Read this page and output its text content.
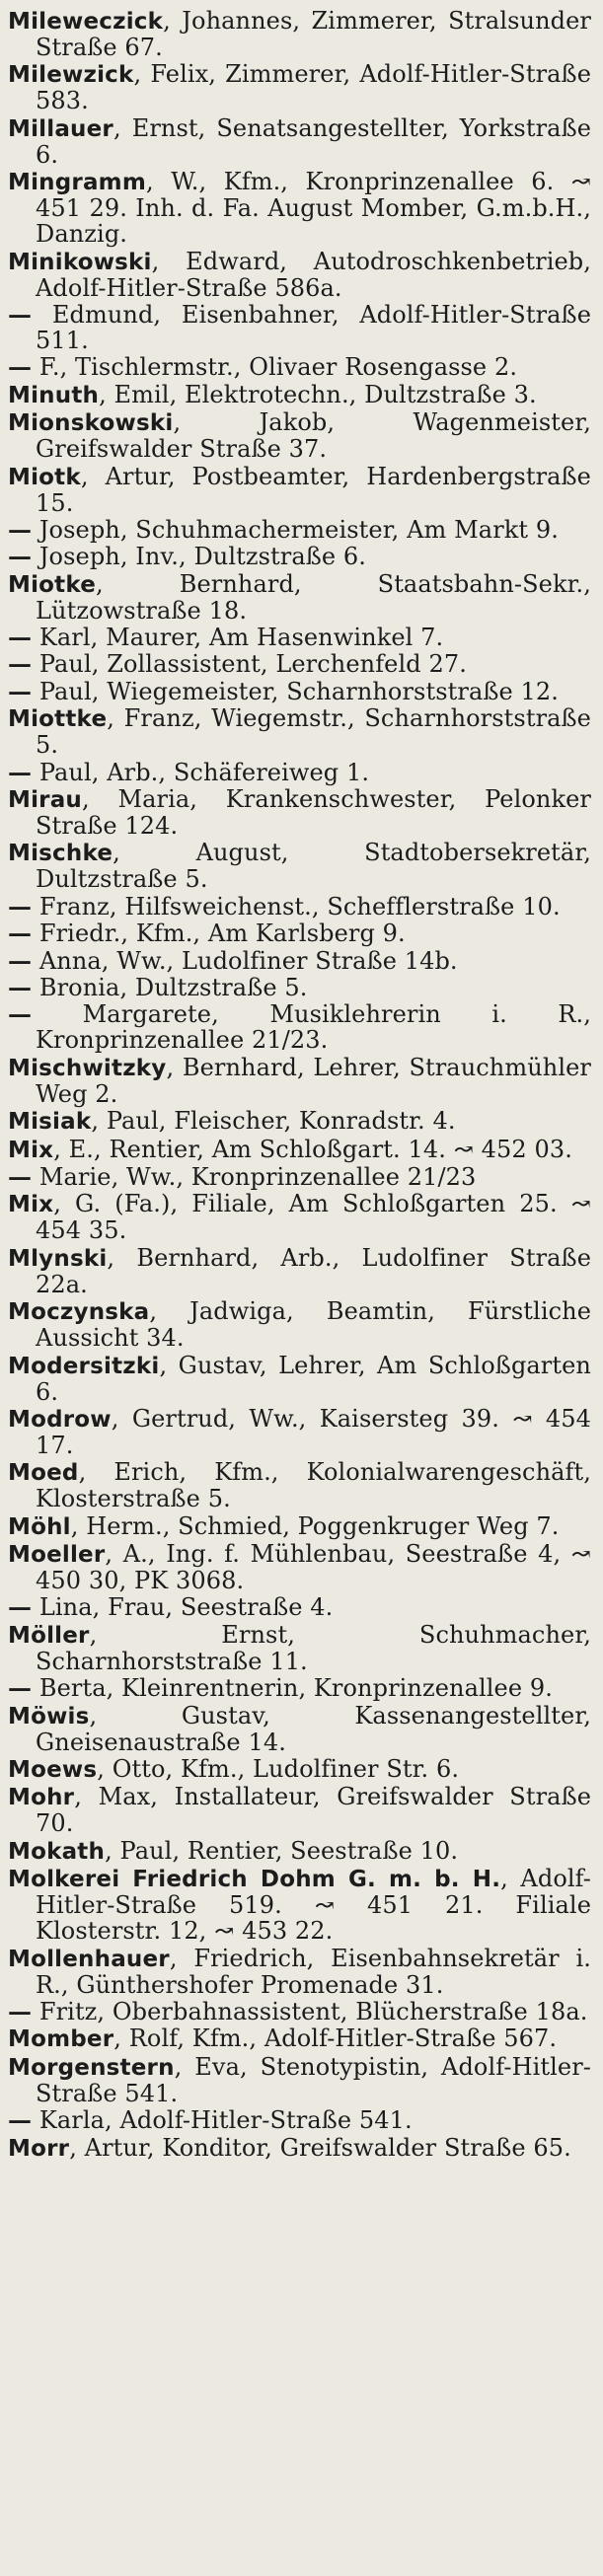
Mileweczick, Johannes, Zimmerer, Stralsunder Straße 67.

Milewzick, Felix, Zimmerer, Adolf-Hitler-Straße 583.

Millauer, Ernst, Senatsangestellter, Yorkstraße 6.

Mingramm, W., Kfm., Kronprinzenallee 6. ↝ 451 29. Inh. d. Fa. August Momber, G.m.b.H., Danzig.

Minikowski, Edward, Autodroschkenbetrieb, Adolf-Hitler-Straße 586a.

— Edmund, Eisenbahner, Adolf-Hitler-Straße 511.

— F., Tischlermstr., Olivaer Rosengasse 2.

Minuth, Emil, Elektrotechn., Dultzstraße 3.

Mionskowski, Jakob, Wagenmeister, Greifswalder Straße 37.

Miotk, Artur, Postbeamter, Hardenbergstraße 15.

— Joseph, Schuhmachermeister, Am Markt 9.

— Joseph, Inv., Dultzstraße 6.

Miotke, Bernhard, Staatsbahn-Sekr., Lützowstraße 18.

— Karl, Maurer, Am Hasenwinkel 7.

— Paul, Zollassistent, Lerchenfeld 27.

— Paul, Wiegemeister, Scharnhorststraße 12.

Miottke, Franz, Wiegemstr., Scharnhorststraße 5.

— Paul, Arb., Schäfereiweg 1.

Mirau, Maria, Krankenschwester, Pelonker Straße 124.

Mischke, August, Stadtobersekretär, Dultzstraße 5.

— Franz, Hilfsweichenst., Schefflerstraße 10.

— Friedr., Kfm., Am Karlsberg 9.

— Anna, Ww., Ludolfiner Straße 14b.

— Bronia, Dultzstraße 5.

— Margarete, Musiklehrerin i. R., Kronprinzenallee 21/23.

Mischwitzky, Bernhard, Lehrer, Strauchmühler Weg 2.

Misiak, Paul, Fleischer, Konradstr. 4.

Mix, E., Rentier, Am Schloßgart. 14. ↝ 452 03.

— Marie, Ww., Kronprinzenallee 21/23

Mix, G. (Fa.), Filiale, Am Schloßgarten 25. ↝ 454 35.

Mlynski, Bernhard, Arb., Ludolfiner Straße 22a.

Moczynska, Jadwiga, Beamtin, Fürstliche Aussicht 34.

Modersitzki, Gustav, Lehrer, Am Schloßgarten 6.

Modrow, Gertrud, Ww., Kaisersteg 39. ↝ 454 17.

Moed, Erich, Kfm., Kolonialwarengeschäft, Klosterstraße 5.

Möhl, Herm., Schmied, Poggenkruger Weg 7.

Moeller, A., Ing. f. Mühlenbau, Seestraße 4, ↝ 450 30, PK 3068.

— Lina, Frau, Seestraße 4.

Möller, Ernst, Schuhmacher, Scharnhorststraße 11.

— Berta, Kleinrentnerin, Kronprinzenallee 9.

Möwis, Gustav, Kassenangestellter, Gneisenaustraße 14.

Moews, Otto, Kfm., Ludolfiner Str. 6.

Mohr, Max, Installateur, Greifswalder Straße 70.

Mokath, Paul, Rentier, Seestraße 10.

Molkerei Friedrich Dohm G. m. b. H., Adolf-Hitler-Straße 519. ↝ 451 21. Filiale Klosterstr. 12, ↝ 453 22.

Mollenhauer, Friedrich, Eisenbahnsekretär i. R., Günthershofer Promenade 31.

— Fritz, Oberbahnassistent, Blücherstraße 18a.

Momber, Rolf, Kfm., Adolf-Hitler-Straße 567.

Morgenstern, Eva, Stenotypistin, Adolf-Hitler-Straße 541.

— Karla, Adolf-Hitler-Straße 541.

Morr, Artur, Konditor, Greifswalder Straße 65.
